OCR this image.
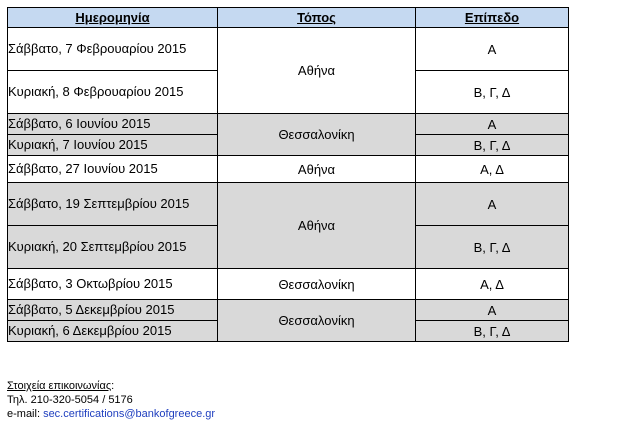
Ημερομηνία	Τόπος	Επίπεδο
Σάββατο, 7 Φεβρουαρίου 2015	Αθήνα	Α
Κυριακή, 8 Φεβρουαρίου 2015		Β, Γ, Δ
Σάββατο, 6 Ιουνίου 2015	Θεσσαλονίκη	Α
Κυριακή, 7 Ιουνίου 2015		Β, Γ, Δ
Σάββατο, 27 Ιουνίου 2015	Αθήνα	Α, Δ
Σάββατο, 19 Σεπτεμβρίου 2015	Αθήνα	Α
Κυριακή, 20 Σεπτεμβρίου 2015		Β, Γ, Δ
Σάββατο, 3 Οκτωβρίου 2015	Θεσσαλονίκη	Α, Δ
Σάββατο, 5 Δεκεμβρίου 2015	Θεσσαλονίκη	Α
Κυριακή, 6 Δεκεμβρίου 2015		Β, Γ, Δ
Στοιχεία επικοινωνίας:
Τηλ. 210-320-5054 / 5176
e-mail: sec.certifications@bankofgreece.gr
